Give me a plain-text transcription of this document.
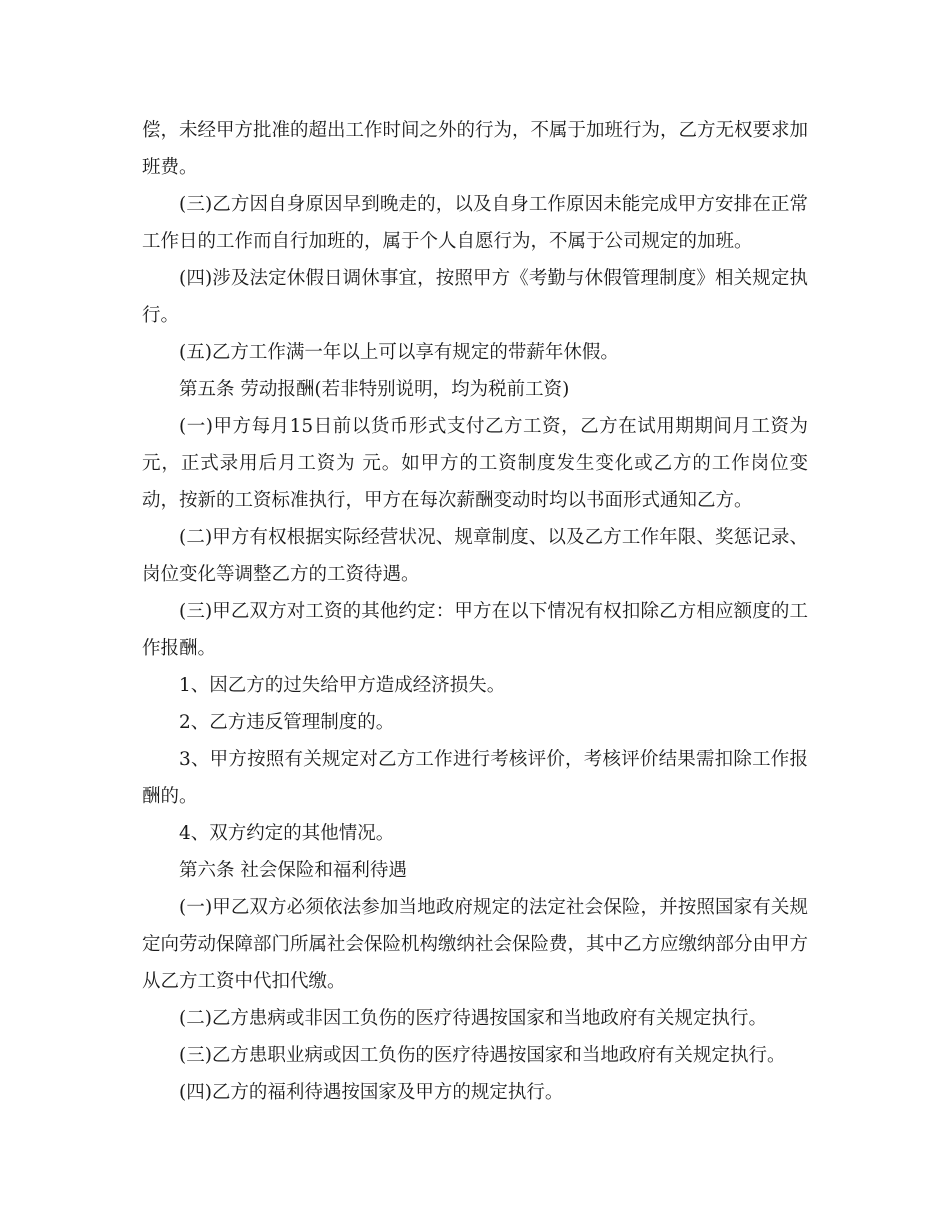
偿，未经甲方批准的超出工作时间之外的行为，不属于加班行为，乙方无权要求加班费。

(三)乙方因自身原因早到晚走的，以及自身工作原因未能完成甲方安排在正常工作日的工作而自行加班的，属于个人自愿行为，不属于公司规定的加班。

(四)涉及法定休假日调休事宜，按照甲方《考勤与休假管理制度》相关规定执行。

(五)乙方工作满一年以上可以享有规定的带薪年休假。

第五条 劳动报酬(若非特别说明，均为税前工资)

(一)甲方每月15日前以货币形式支付乙方工资，乙方在试用期期间月工资为元，正式录用后月工资为 元。如甲方的工资制度发生变化或乙方的工作岗位变动，按新的工资标准执行，甲方在每次薪酬变动时均以书面形式通知乙方。

(二)甲方有权根据实际经营状况、规章制度、以及乙方工作年限、奖惩记录、岗位变化等调整乙方的工资待遇。

(三)甲乙双方对工资的其他约定：甲方在以下情况有权扣除乙方相应额度的工作报酬。

1、因乙方的过失给甲方造成经济损失。

2、乙方违反管理制度的。

3、甲方按照有关规定对乙方工作进行考核评价，考核评价结果需扣除工作报酬的。

4、双方约定的其他情况。

第六条 社会保险和福利待遇

(一)甲乙双方必须依法参加当地政府规定的法定社会保险，并按照国家有关规定向劳动保障部门所属社会保险机构缴纳社会保险费，其中乙方应缴纳部分由甲方从乙方工资中代扣代缴。

(二)乙方患病或非因工负伤的医疗待遇按国家和当地政府有关规定执行。

(三)乙方患职业病或因工负伤的医疗待遇按国家和当地政府有关规定执行。

(四)乙方的福利待遇按国家及甲方的规定执行。
